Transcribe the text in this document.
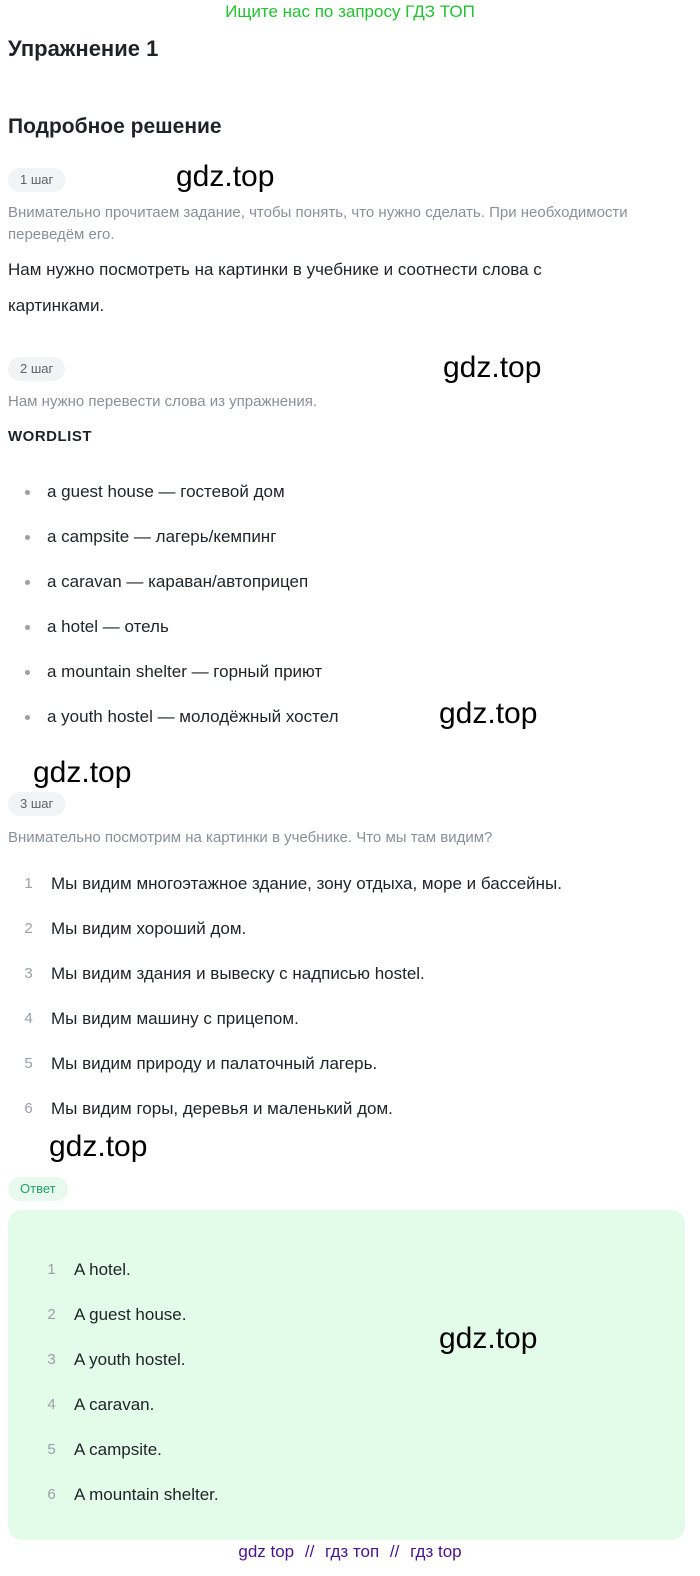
Ищите нас по запросу ГДЗ ТОП
Упражнение 1
Подробное решение
1 шаг	gdz.top
Внимательно прочитаем задание, чтобы понять, что нужно сделать. При необходимости переведём его.
Нам нужно посмотреть на картинки в учебнике и соотнести слова с
картинками.
2 шаг	gdz.top
Нам нужно перевести слова из упражнения.
WORDLIST
a guest house — гостевой дом
a campsite — лагерь/кемпинг
a caravan — караван/автоприцеп
a hotel — отель
a mountain shelter — горный приют
a youth hostel — молодёжный хостел	gdz.top
gdz.top
3 шаг
Внимательно посмотрим на картинки в учебнике. Что мы там видим?
1	Мы видим многоэтажное здание, зону отдыха, море и бассейны.
2	Мы видим хороший дом.
3	Мы видим здания и вывеску с надписью hostel.
4	Мы видим машину с прицепом.
5	Мы видим природу и палаточный лагерь.
6	Мы видим горы, деревья и маленький дом.
gdz.top
Ответ
1	A hotel.
2	A guest house.
3	A youth hostel.
4	A caravan.
5	A campsite.
6	A mountain shelter.
gdz.top
gdz top // гдз топ // гдз top
